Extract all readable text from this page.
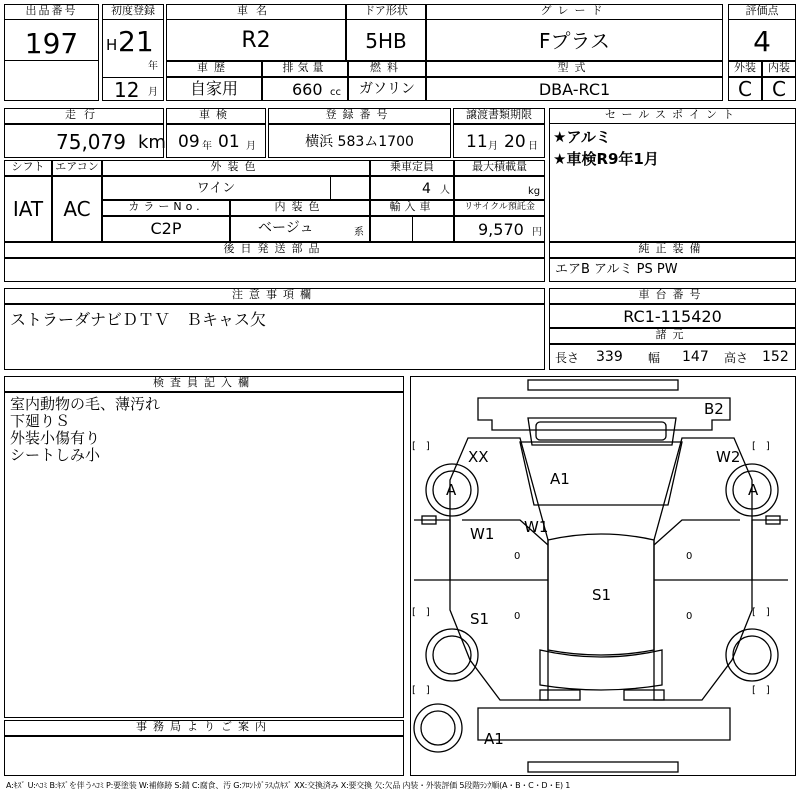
出品番号
197
初度登録
H 21
年
12 月
車名
R2
ドア形状
5HB
グレード
Fプラス
評価点
4
車歴
自家用
排気量
660 cc
燃料
ガソリン
型式
DBA-RC1
外装	内装
C	C
走行
75,079 km
車検
09 年 01 月
登録番号
横浜 583ム1700
譲渡書類期限
11 月 20 日
セールスポイント
★アルミ
★車検R9年1月
シフト
IAT
エアコン
AC
外装色
ワイン
乗車定員
4 人
最大積載量
kg
カラーNo.
C2P
内装色
ベージュ	系
輸入車	リサイクル預託金
9,570 円
後日発送部品	純正装備
エアB アルミ PS PW
注意事項欄
ストラーダナビＤＴＶ　Ｂキャス欠
車台番号
RC1-115420
諸元
長さ 339 幅 147 高さ 152
検査員記入欄
室内動物の毛、薄汚れ
下廻りＳ
外装小傷有り
シートしみ小
事務局よりご案内
B2
XX	W2
A1
A	A
W1 W1
S1
S1
A1
0	0
0	0
[　]	[　]
[　]	[　]
[　]	[　]
A:ｷｽﾞ U:ﾍｺﾐ B:ｷｽﾞを伴うﾍｺﾐ P:要塗装 W:補修跡 S:錆 C:腐食、汚 G:ﾌﾛﾝﾄｶﾞﾗｽ点ｷｽﾞ XX:交換済み X:要交換 欠:欠品 内装・外装評価 5段階ﾗﾝｸ順(A・B・C・D・E) 1
